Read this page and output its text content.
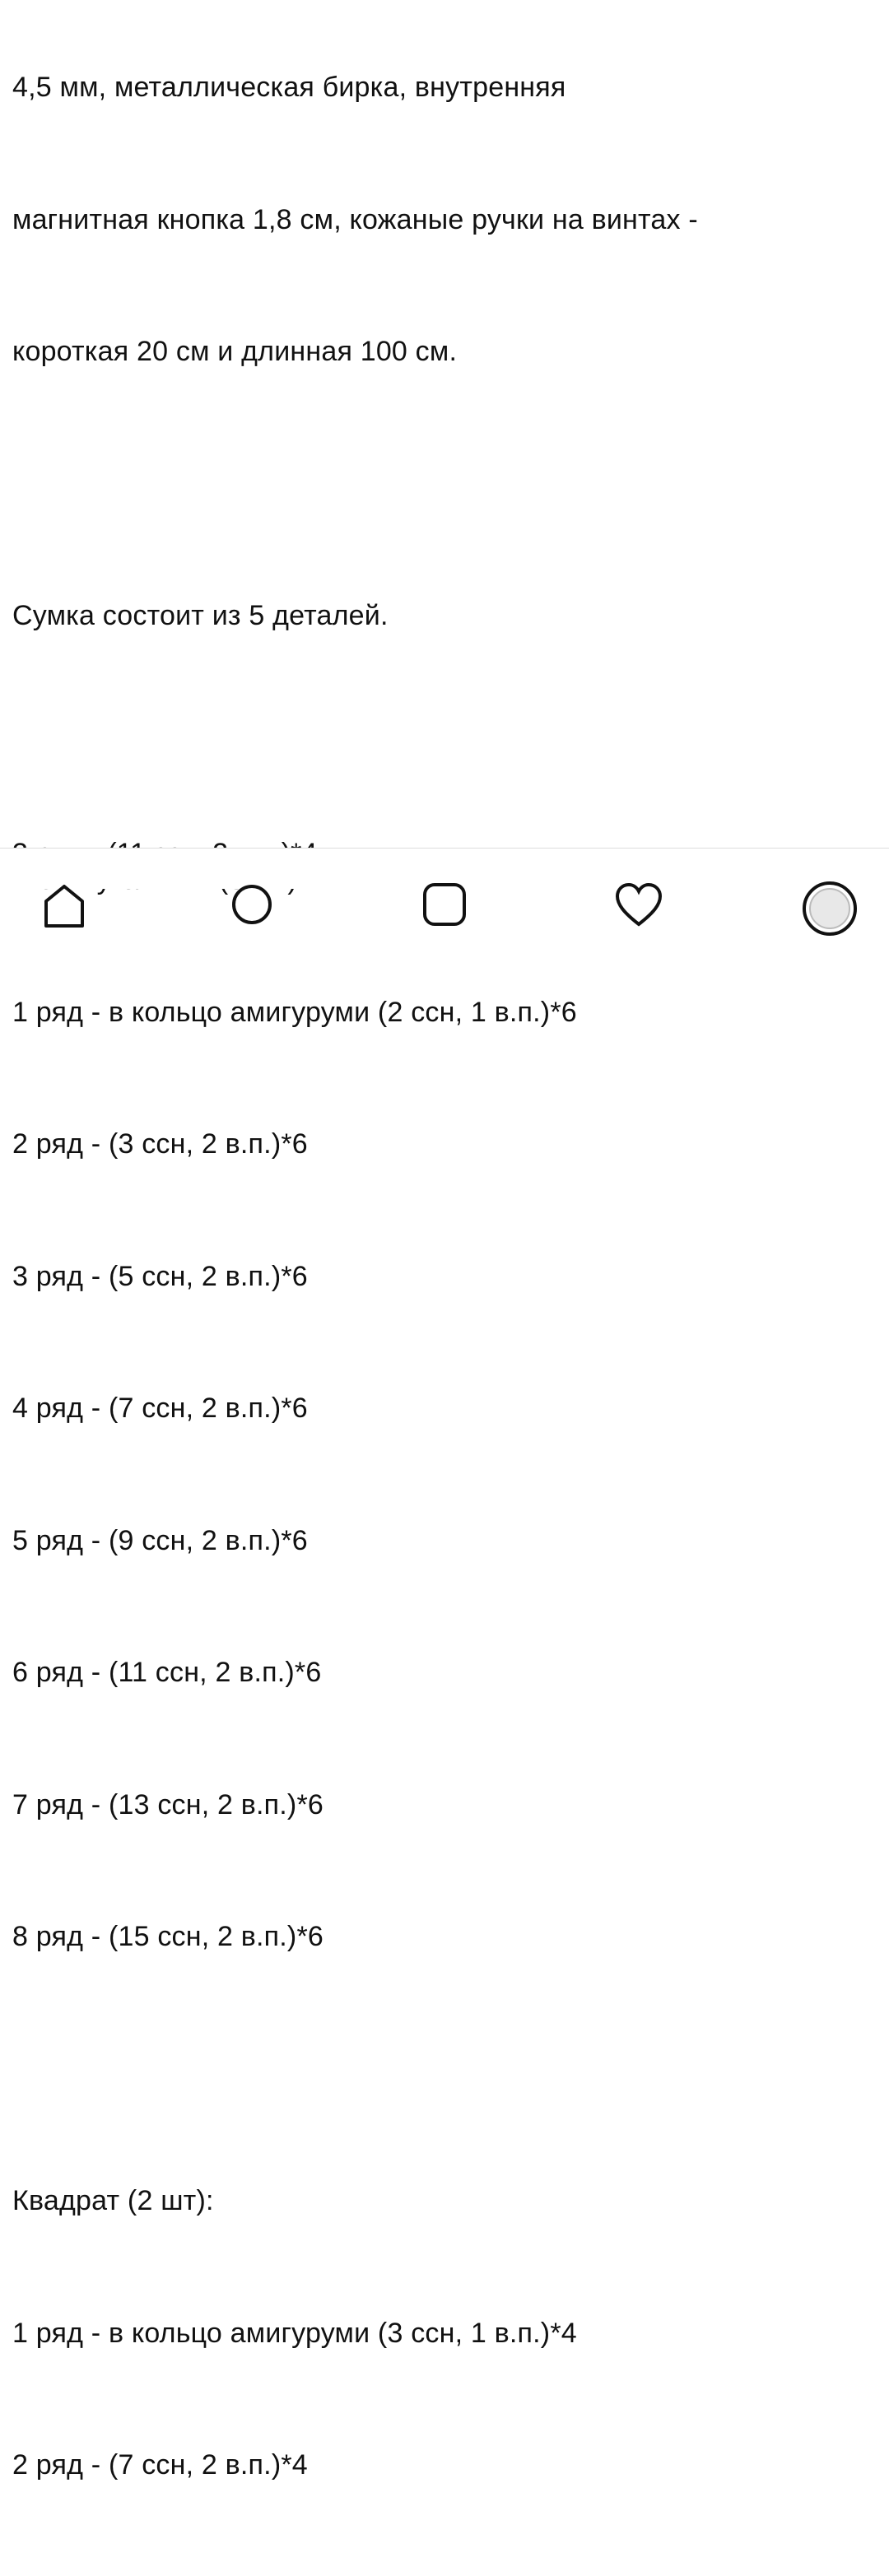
4,5 мм, металлическая бирка, внутренняя

магнитная кнопка 1,8 см, кожаные ручки на винтах -

короткая 20 см и длинная 100 см.

Сумка состоит из 5 деталей.

1 ряд - в кольцо амигуруми (2 ссн, 1 в.п.)*6

2 ряд - (3 ссн, 2 в.п.)*6

3 ряд - (5 ссн, 2 в.п.)*6

4 ряд - (7 ссн, 2 в.п.)*6

5 ряд - (9 ссн, 2 в.п.)*6

6 ряд - (11 ссн, 2 в.п.)*6

7 ряд - (13 ссн, 2 в.п.)*6

8 ряд - (15 ссн, 2 в.п.)*6

Квадрат (2 шт):

1 ряд - в кольцо амигуруми (3 ссн, 1 в.п.)*4

2 ряд - (7 ссн, 2 в.п.)*4
